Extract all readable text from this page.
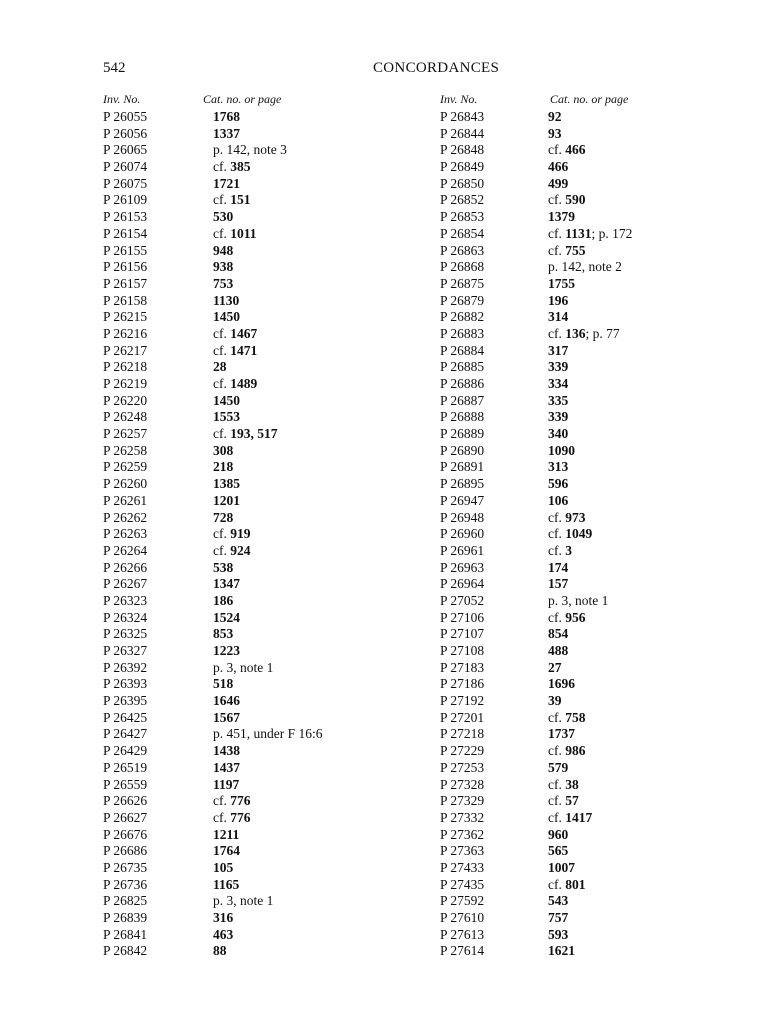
542	CONCORDANCES
Inv. No.	Cat. no. or page
P 26055	1768
P 26056	1337
P 26065	p. 142, note 3
P 26074	cf. 385
P 26075	1721
P 26109	cf. 151
P 26153	530
P 26154	cf. 1011
P 26155	948
P 26156	938
P 26157	753
P 26158	1130
P 26215	1450
P 26216	cf. 1467
P 26217	cf. 1471
P 26218	28
P 26219	cf. 1489
P 26220	1450
P 26248	1553
P 26257	cf. 193, 517
P 26258	308
P 26259	218
P 26260	1385
P 26261	1201
P 26262	728
P 26263	cf. 919
P 26264	cf. 924
P 26266	538
P 26267	1347
P 26323	186
P 26324	1524
P 26325	853
P 26327	1223
P 26392	p. 3, note 1
P 26393	518
P 26395	1646
P 26425	1567
P 26427	p. 451, under F 16:6
P 26429	1438
P 26519	1437
P 26559	1197
P 26626	cf. 776
P 26627	cf. 776
P 26676	1211
P 26686	1764
P 26735	105
P 26736	1165
P 26825	p. 3, note 1
P 26839	316
P 26841	463
P 26842	88
Inv. No.	Cat. no. or page
P 26843	92
P 26844	93
P 26848	cf. 466
P 26849	466
P 26850	499
P 26852	cf. 590
P 26853	1379
P 26854	cf. 1131; p. 172
P 26863	cf. 755
P 26868	p. 142, note 2
P 26875	1755
P 26879	196
P 26882	314
P 26883	cf. 136; p. 77
P 26884	317
P 26885	339
P 26886	334
P 26887	335
P 26888	339
P 26889	340
P 26890	1090
P 26891	313
P 26895	596
P 26947	106
P 26948	cf. 973
P 26960	cf. 1049
P 26961	cf. 3
P 26963	174
P 26964	157
P 27052	p. 3, note 1
P 27106	cf. 956
P 27107	854
P 27108	488
P 27183	27
P 27186	1696
P 27192	39
P 27201	cf. 758
P 27218	1737
P 27229	cf. 986
P 27253	579
P 27328	cf. 38
P 27329	cf. 57
P 27332	cf. 1417
P 27362	960
P 27363	565
P 27433	1007
P 27435	cf. 801
P 27592	543
P 27610	757
P 27613	593
P 27614	1621
